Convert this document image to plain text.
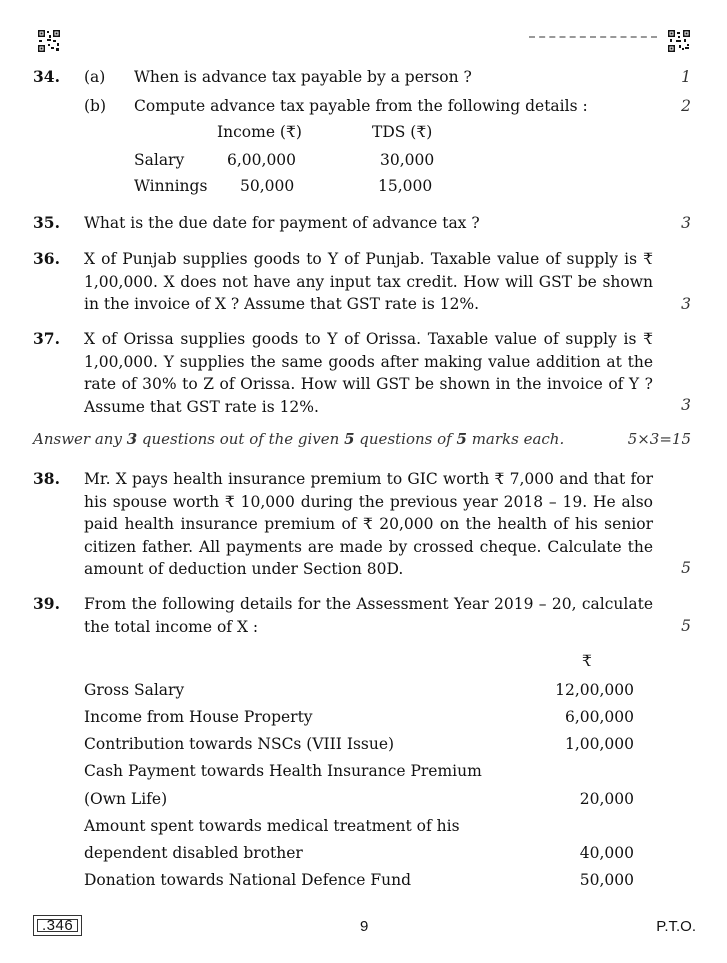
34. (a) When is advance tax payable by a person ?	1
(b) Compute advance tax payable from the following details :	2
Income (₹)	TDS (₹)
Salary	6,00,000	30,000
Winnings 50,000	15,000
35. What is the due date for payment of advance tax ?	3
36. X of Punjab supplies goods to Y of Punjab. Taxable value of supply is ₹ 1,00,000. X does not have any input tax credit. How will GST be shown in the invoice of X ? Assume that GST rate is 12%.	3
37. X of Orissa supplies goods to Y of Orissa. Taxable value of supply is ₹ 1,00,000. Y supplies the same goods after making value addition at the rate of 30% to Z of Orissa. How will GST be shown in the invoice of Y ? Assume that GST rate is 12%.	3
Answer any 3 questions out of the given 5 questions of 5 marks each.	5×3=15
38. Mr. X pays health insurance premium to GIC worth ₹ 7,000 and that for his spouse worth ₹ 10,000 during the previous year 2018 – 19. He also paid health insurance premium of ₹ 20,000 on the health of his senior citizen father. All payments are made by crossed cheque. Calculate the amount of deduction under Section 80D.	5
39. From the following details for the Assessment Year 2019 – 20, calculate the total income of X :	5
₹
Gross Salary	12,00,000
Income from House Property	6,00,000
Contribution towards NSCs (VIII Issue)	1,00,000
Cash Payment towards Health Insurance Premium
(Own Life)	20,000
Amount spent towards medical treatment of his
dependent disabled brother	40,000
Donation towards National Defence Fund	50,000
.346	9	P.T.O.
